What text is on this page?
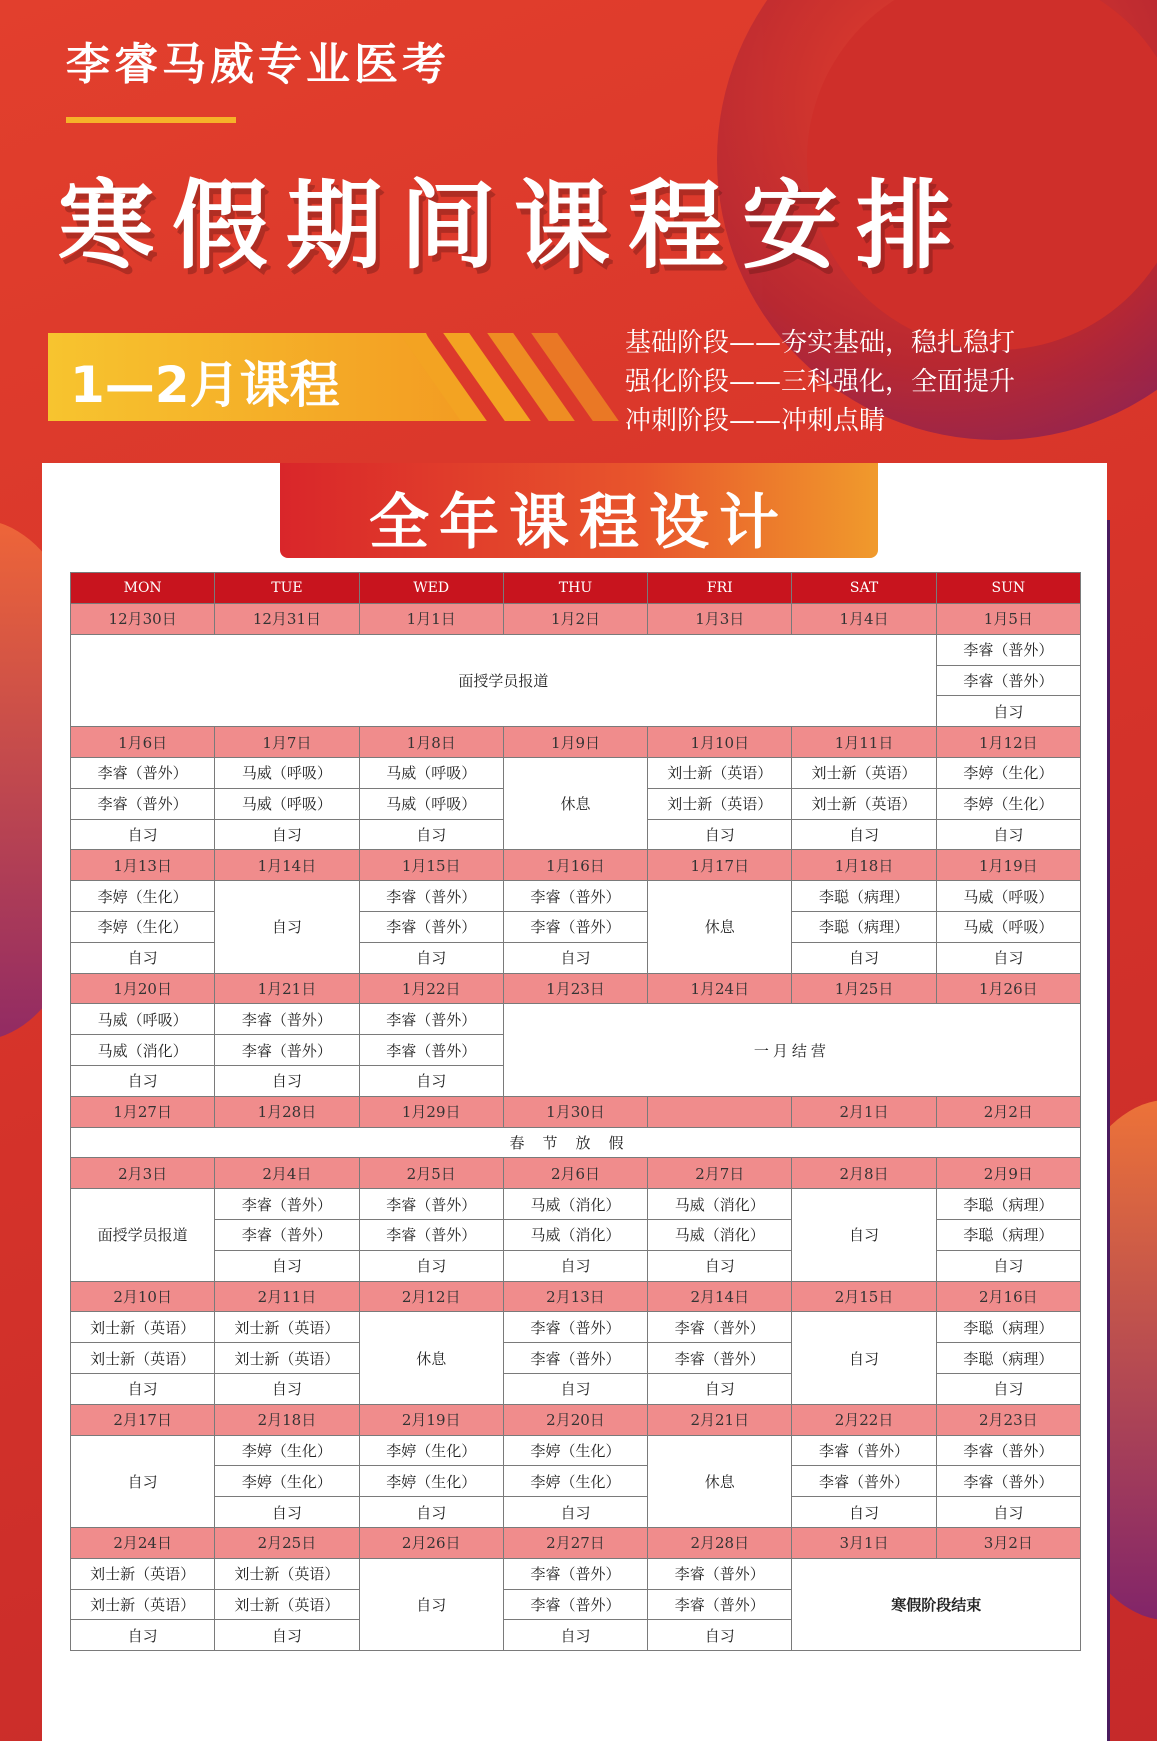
李睿马威专业医考
寒假期间课程安排
1—2月课程
基础阶段——夯实基础，稳扎稳打
强化阶段——三科强化，全面提升
冲刺阶段——冲刺点睛
全年课程设计
MON	TUE	WED	THU	FRI	SAT	SUN
12月30日	12月31日	1月1日	1月2日	1月3日	1月4日	1月5日
面授学员报道						李睿（普外）
						李睿（普外）
						自习
1月6日	1月7日	1月8日	1月9日	1月10日	1月11日	1月12日
李睿（普外）	马威（呼吸）	马威（呼吸）	休息	刘士新（英语）	刘士新（英语）	李婷（生化）
李睿（普外）	马威（呼吸）	马威（呼吸）		刘士新（英语）	刘士新（英语）	李婷（生化）
自习	自习	自习		自习	自习	自习
1月13日	1月14日	1月15日	1月16日	1月17日	1月18日	1月19日
李婷（生化）	自习	李睿（普外）	李睿（普外）	休息	李聪（病理）	马威（呼吸）
李婷（生化）		李睿（普外）	李睿（普外）		李聪（病理）	马威（呼吸）
自习		自习	自习		自习	自习
1月20日	1月21日	1月22日	1月23日	1月24日	1月25日	1月26日
马威（呼吸）	李睿（普外）	李睿（普外）	一月结营			
马威（消化）	李睿（普外）	李睿（普外）				
自习	自习	自习				
1月27日	1月28日	1月29日	1月30日		2月1日	2月2日
春节放假						

2月3日	2月4日	2月5日	2月6日	2月7日	2月8日	2月9日
面授学员报道	李睿（普外）	李睿（普外）	马威（消化）	马威（消化）	自习	李聪（病理）
	李睿（普外）	李睿（普外）	马威（消化）	马威（消化）		李聪（病理）
	自习	自习	自习	自习		自习
2月10日	2月11日	2月12日	2月13日	2月14日	2月15日	2月16日
刘士新（英语）	刘士新（英语）	休息	李睿（普外）	李睿（普外）	自习	李聪（病理）
刘士新（英语）	刘士新（英语）		李睿（普外）	李睿（普外）		李聪（病理）
自习	自习		自习	自习		自习
2月17日	2月18日	2月19日	2月20日	2月21日	2月22日	2月23日
自习	李婷（生化）	李婷（生化）	李婷（生化）	休息	李睿（普外）	李睿（普外）
	李婷（生化）	李婷（生化）	李婷（生化）		李睿（普外）	李睿（普外）
	自习	自习	自习		自习	自习
2月24日	2月25日	2月26日	2月27日	2月28日	3月1日	3月2日
刘士新（英语）	刘士新（英语）	自习	李睿（普外）	李睿（普外）	寒假阶段结束	
刘士新（英语）	刘士新（英语）		李睿（普外）	李睿（普外）		
自习	自习		自习	自习		
